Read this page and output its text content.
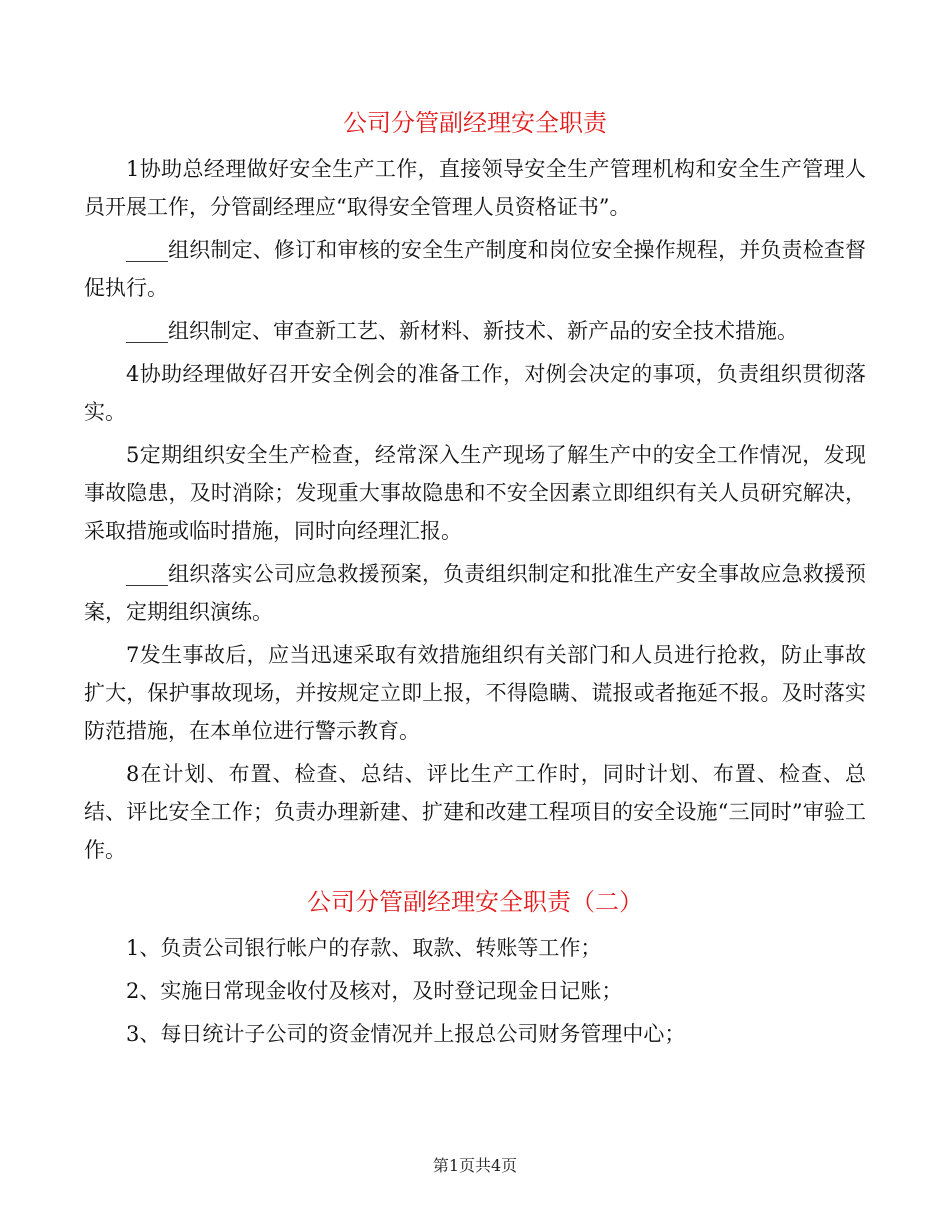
公司分管副经理安全职责

1协助总经理做好安全生产工作，直接领导安全生产管理机构和安全生产管理人员开展工作，分管副经理应“取得安全管理人员资格证书”。

____组织制定、修订和审核的安全生产制度和岗位安全操作规程，并负责检查督促执行。

____组织制定、审查新工艺、新材料、新技术、新产品的安全技术措施。

4协助经理做好召开安全例会的准备工作，对例会决定的事项，负责组织贯彻落实。

5定期组织安全生产检查，经常深入生产现场了解生产中的安全工作情况，发现事故隐患，及时消除；发现重大事故隐患和不安全因素立即组织有关人员研究解决，采取措施或临时措施，同时向经理汇报。

____组织落实公司应急救援预案，负责组织制定和批准生产安全事故应急救援预案，定期组织演练。

7发生事故后，应当迅速采取有效措施组织有关部门和人员进行抢救，防止事故扩大，保护事故现场，并按规定立即上报，不得隐瞒、谎报或者拖延不报。及时落实防范措施，在本单位进行警示教育。

8在计划、布置、检查、总结、评比生产工作时，同时计划、布置、检查、总结、评比安全工作；负责办理新建、扩建和改建工程项目的安全设施“三同时”审验工作。

公司分管副经理安全职责（二）

1、负责公司银行帐户的存款、取款、转账等工作；

2、实施日常现金收付及核对，及时登记现金日记账；

3、每日统计子公司的资金情况并上报总公司财务管理中心；

第1页共4页
